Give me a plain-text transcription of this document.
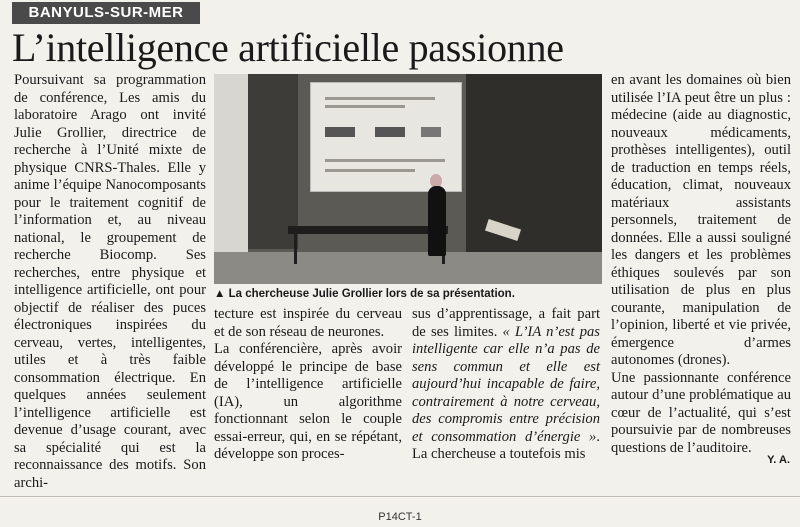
BANYULS-SUR-MER
L’intelligence artificielle passionne

Poursuivant sa programmation de conférence, Les amis du laboratoire Arago ont invité Julie Grollier, directrice de recherche à l’Unité mixte de physique CNRS-Thales. Elle y anime l’équipe Nanocomposants pour le traitement cognitif de l’information et, au niveau national, le groupement de recherche Biocomp. Ses recherches, entre physique et intelligence artificielle, ont pour objectif de réaliser des puces électroniques inspirées du cerveau, vertes, intelligentes, utiles et à très faible consommation électrique. En quelques années seulement l’intelligence artificielle est devenue d’usage courant, avec sa spécialité qui est la reconnaissance des motifs. Son archi-

▲ La chercheuse Julie Grollier lors de sa présentation.

tecture est inspirée du cerveau et de son réseau de neurones.

La conférencière, après avoir développé le principe de base de l’intelligence artificielle (IA), un algorithme fonctionnant selon le couple essai-erreur, qui, en se répétant, développe son proces-

sus d’apprentissage, a fait part de ses limites. « L’IA n’est pas intelligente car elle n’a pas de sens commun et elle est aujourd’hui incapable de faire, contrairement à notre cerveau, des compromis entre précision et consommation d’énergie ». La chercheuse a toutefois mis

en avant les domaines où bien utilisée l’IA peut être un plus : médecine (aide au diagnostic, nouveaux médicaments, prothèses intelligentes), outil de traduction en temps réels, éducation, climat, nouveaux matériaux assistants personnels, traitement de données. Elle a aussi souligné les dangers et les problèmes éthiques soulevés par son utilisation de plus en plus courante, manipulation de l’opinion, liberté et vie privée, émergence d’armes autonomes (drones).

Une passionnante conférence autour d’une problématique au cœur de l’actualité, qui s’est poursuivie par de nombreuses questions de l’auditoire.

Y. A.
P14CT-1
